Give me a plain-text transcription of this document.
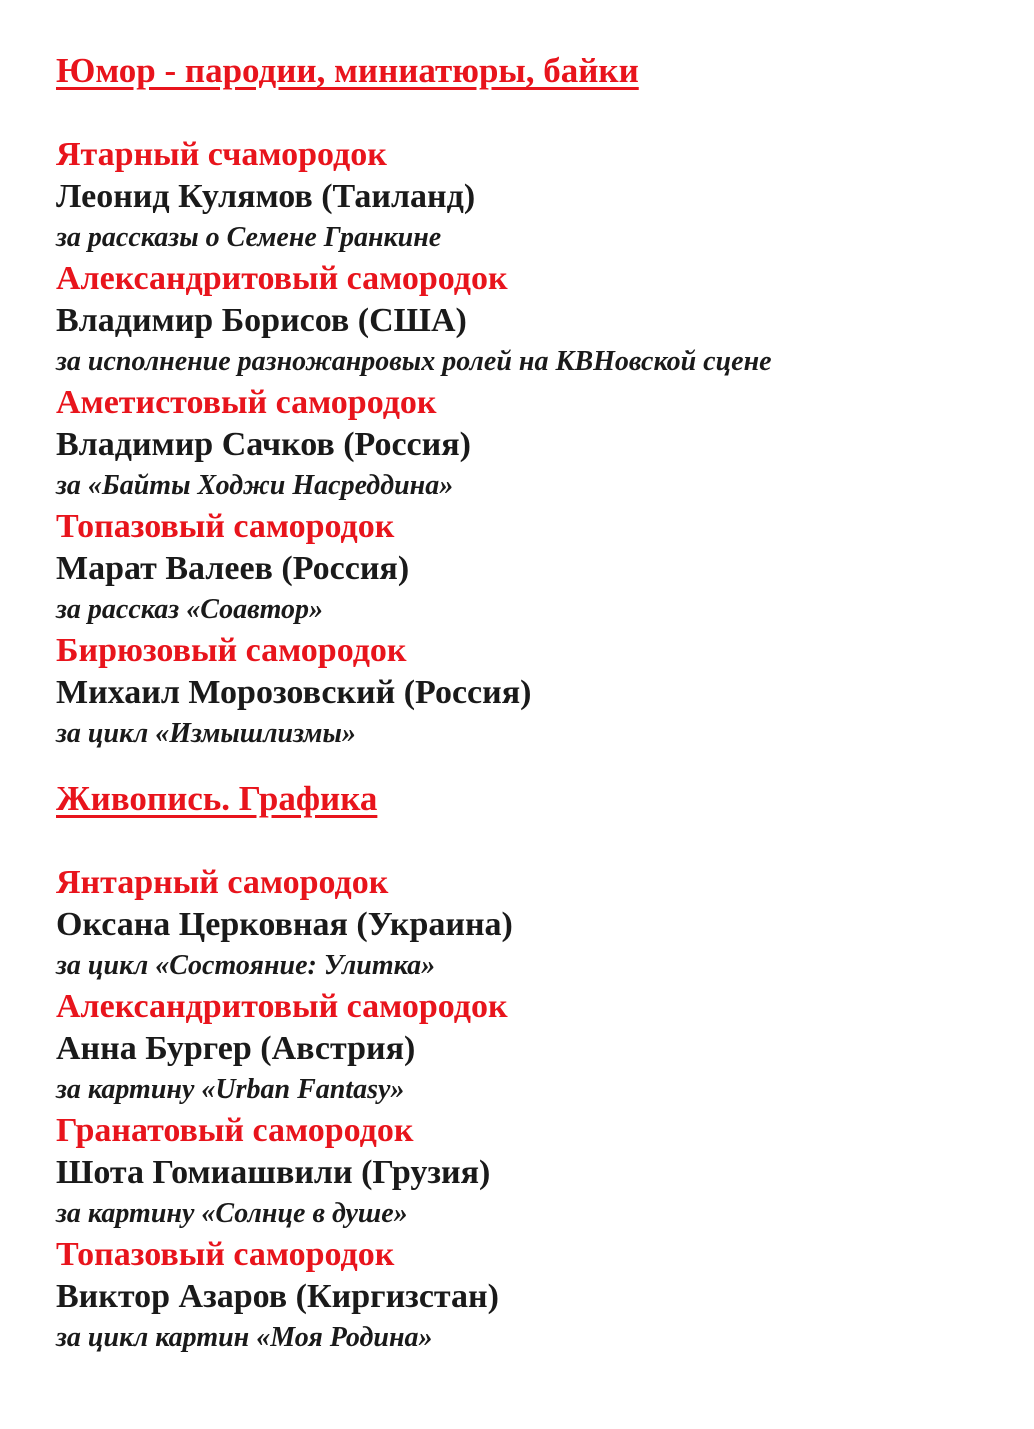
Юмор - пародии, миниатюры, байки
Ятарный счамородок
Леонид Кулямов (Таиланд)
за рассказы о Семене Гранкине
Александритовый самородок
Владимир Борисов (США)
за исполнение разножанровых ролей на КВНовской сцене
Аметистовый самородок
Владимир Сачков (Россия)
за «Байты Ходжи Насреддина»
Топазовый самородок
Марат Валеев (Россия)
за рассказ «Соавтор»
Бирюзовый самородок
Михаил Морозовский (Россия)
за цикл «Измышлизмы»
Живопись. Графика
Янтарный самородок
Оксана Церковная (Украина)
за цикл «Состояние: Улитка»
Александритовый самородок
Анна Бургер (Австрия)
за картину «Urban Fantasy»
Гранатовый самородок
Шота Гомиашвили (Грузия)
за картину «Солнце в душе»
Топазовый самородок
Виктор Азаров (Киргизстан)
за цикл картин «Моя Родина»
